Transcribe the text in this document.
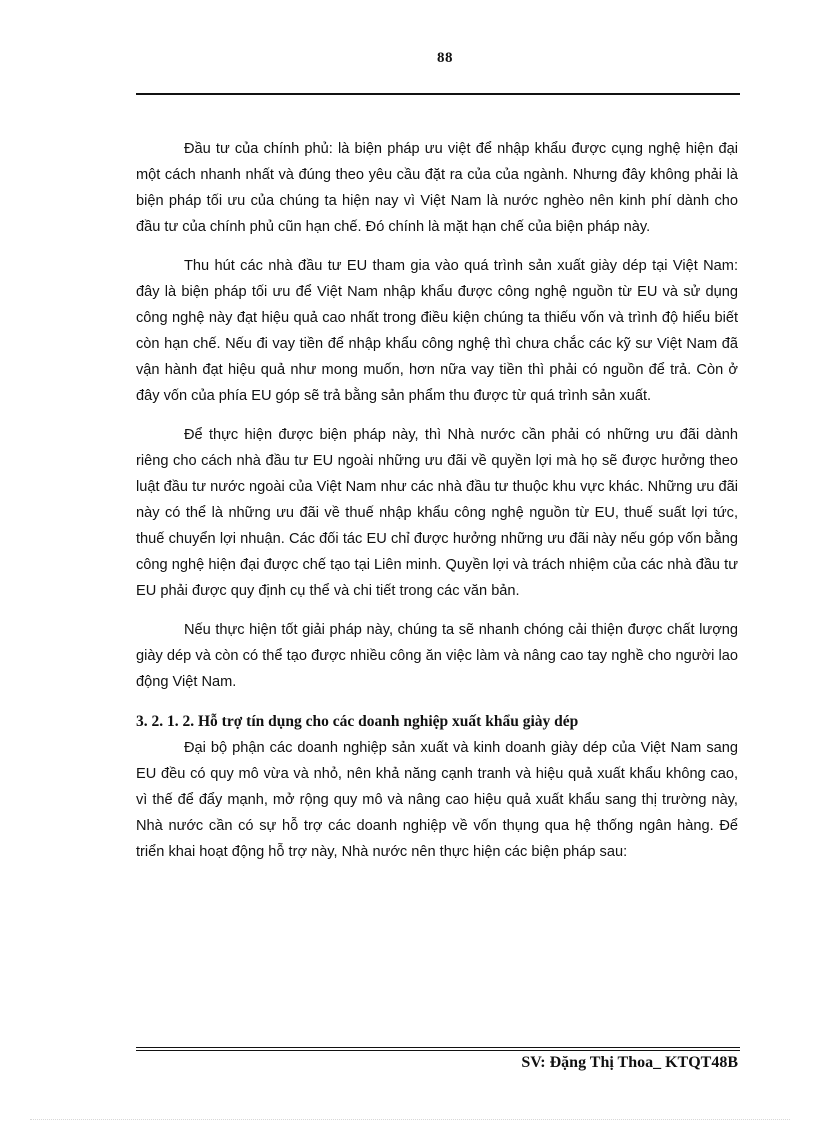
88

Đầu tư của chính phủ: là biện pháp ưu việt để nhập khẩu được cụng nghệ hiện đại một cách nhanh nhất và đúng theo yêu cầu đặt ra của của ngành. Nhưng đây không phải là biện pháp tối ưu của chúng ta hiện nay vì Việt Nam là nước nghèo nên kinh phí dành cho đầu tư của chính phủ cũn hạn chế. Đó chính là mặt hạn chế của biện pháp này.

Thu hút các nhà đầu tư EU tham gia vào quá trình sản xuất giày dép tại Việt Nam: đây là biện pháp tối ưu để Việt Nam nhập khẩu được công nghệ nguồn từ EU và sử dụng công nghệ này đạt hiệu quả cao nhất trong điều kiện chúng ta thiếu vốn và trình độ hiểu biết còn hạn chế. Nếu đi vay tiền để nhập khẩu công nghệ thì chưa chắc các kỹ sư Việt Nam đã vận hành đạt hiệu quả như mong muốn, hơn nữa vay tiền thì phải có nguồn để trả. Còn ở đây vốn của phía EU góp sẽ trả bằng sản phẩm thu được từ quá trình sản xuất.

Để thực hiện được biện pháp này, thì Nhà nước cần phải có những ưu đãi dành riêng cho cách nhà đầu tư EU ngoài những ưu đãi về quyền lợi mà họ sẽ được hưởng theo luật đầu tư nước ngoài của Việt Nam như các nhà đầu tư thuộc khu vực khác. Những ưu đãi này có thể là những ưu đãi về thuế nhập khẩu công nghệ nguồn từ EU, thuế suất lợi tức, thuế chuyển lợi nhuận. Các đối tác EU chỉ được hưởng những ưu đãi này nếu góp vốn bằng công nghệ hiện đại được chế tạo tại Liên minh. Quyền lợi và trách nhiệm của các nhà đầu tư EU phải được quy định cụ thể và chi tiết trong các văn bản.

Nếu thực hiện tốt giải pháp này, chúng ta sẽ nhanh chóng cải thiện được chất lượng giày dép và còn có thể tạo được nhiều công ăn việc làm và nâng cao tay nghề cho người lao động Việt Nam.

3. 2. 1. 2. Hỗ trợ tín dụng cho các doanh nghiệp xuất khẩu giày dép

Đại bộ phận các doanh nghiệp sản xuất và kinh doanh giày dép của Việt Nam sang EU đều có quy mô vừa và nhỏ, nên khả năng cạnh tranh và hiệu quả xuất khẩu không cao, vì thế để đẩy mạnh, mở rộng quy mô và nâng cao hiệu quả xuất khẩu sang thị trường này, Nhà nước cần có sự hỗ trợ các doanh nghiệp về vốn thụng qua hệ thống ngân hàng. Để triển khai hoạt động hỗ trợ này, Nhà nước nên thực hiện các biện pháp sau:

SV: Đặng Thị Thoa_ KTQT48B
